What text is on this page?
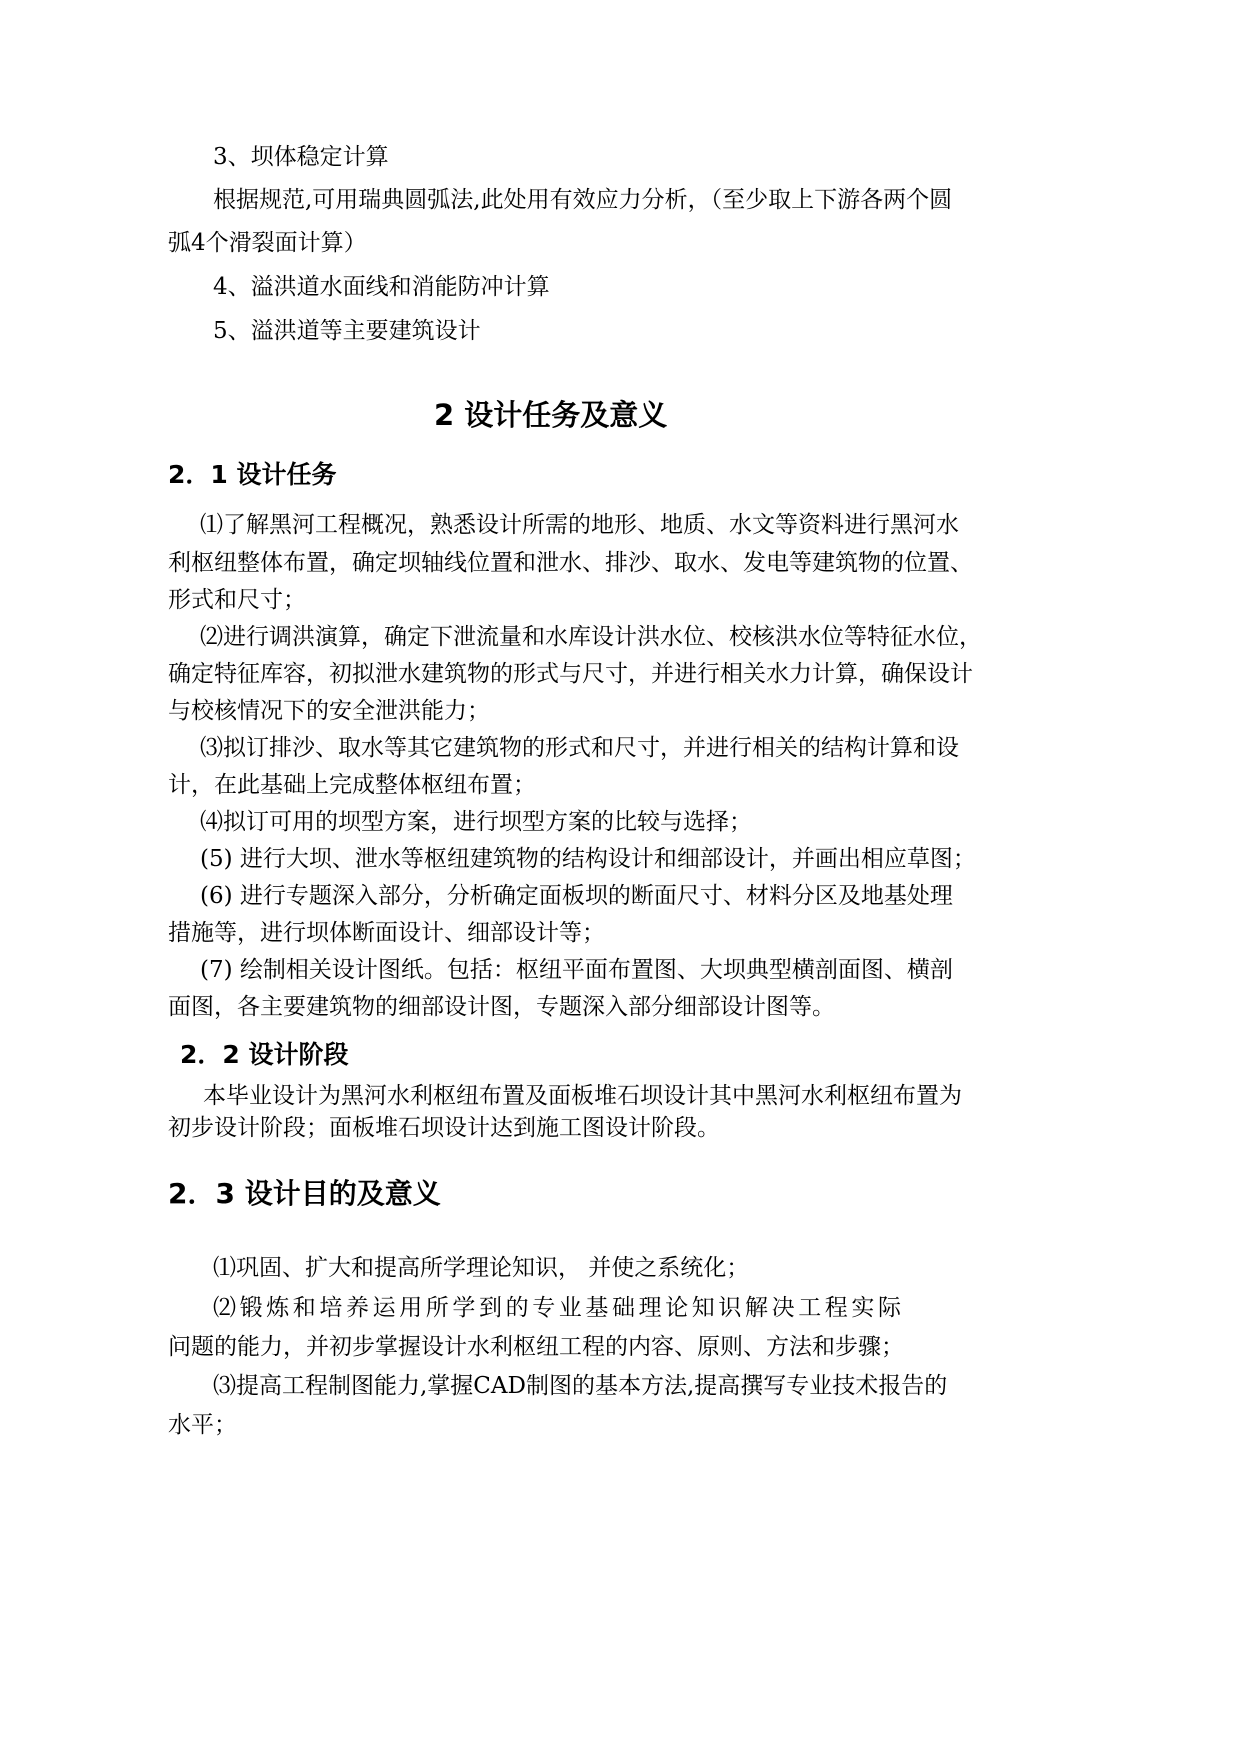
3、坝体稳定计算
根据规范,可用瑞典圆弧法,此处用有效应力分析，（至少取上下游各两个圆
弧4个滑裂面计算）
4、溢洪道水面线和消能防冲计算
5、溢洪道等主要建筑设计
2 设计任务及意义
2．1 设计任务
⑴了解黑河工程概况，熟悉设计所需的地形、地质、水文等资料进行黑河水
利枢纽整体布置，确定坝轴线位置和泄水、排沙、取水、发电等建筑物的位置、
形式和尺寸；
⑵进行调洪演算，确定下泄流量和水库设计洪水位、校核洪水位等特征水位，
确定特征库容，初拟泄水建筑物的形式与尺寸，并进行相关水力计算，确保设计
与校核情况下的安全泄洪能力；
⑶拟订排沙、取水等其它建筑物的形式和尺寸，并进行相关的结构计算和设
计，在此基础上完成整体枢纽布置；
⑷拟订可用的坝型方案，进行坝型方案的比较与选择；
(5) 进行大坝、泄水等枢纽建筑物的结构设计和细部设计，并画出相应草图；
(6) 进行专题深入部分，分析确定面板坝的断面尺寸、材料分区及地基处理
措施等，进行坝体断面设计、细部设计等；
(7) 绘制相关设计图纸。包括：枢纽平面布置图、大坝典型横剖面图、横剖
面图，各主要建筑物的细部设计图，专题深入部分细部设计图等。
2．2 设计阶段
本毕业设计为黑河水利枢纽布置及面板堆石坝设计其中黑河水利枢纽布置为
初步设计阶段；面板堆石坝设计达到施工图设计阶段。
2．3 设计目的及意义
⑴巩固、扩大和提高所学理论知识， 并使之系统化；
⑵锻炼和培养运用所学到的专业基础理论知识解决工程实际
问题的能力，并初步掌握设计水利枢纽工程的内容、原则、方法和步骤；
⑶提高工程制图能力,掌握CAD制图的基本方法,提高撰写专业技术报告的
水平；
